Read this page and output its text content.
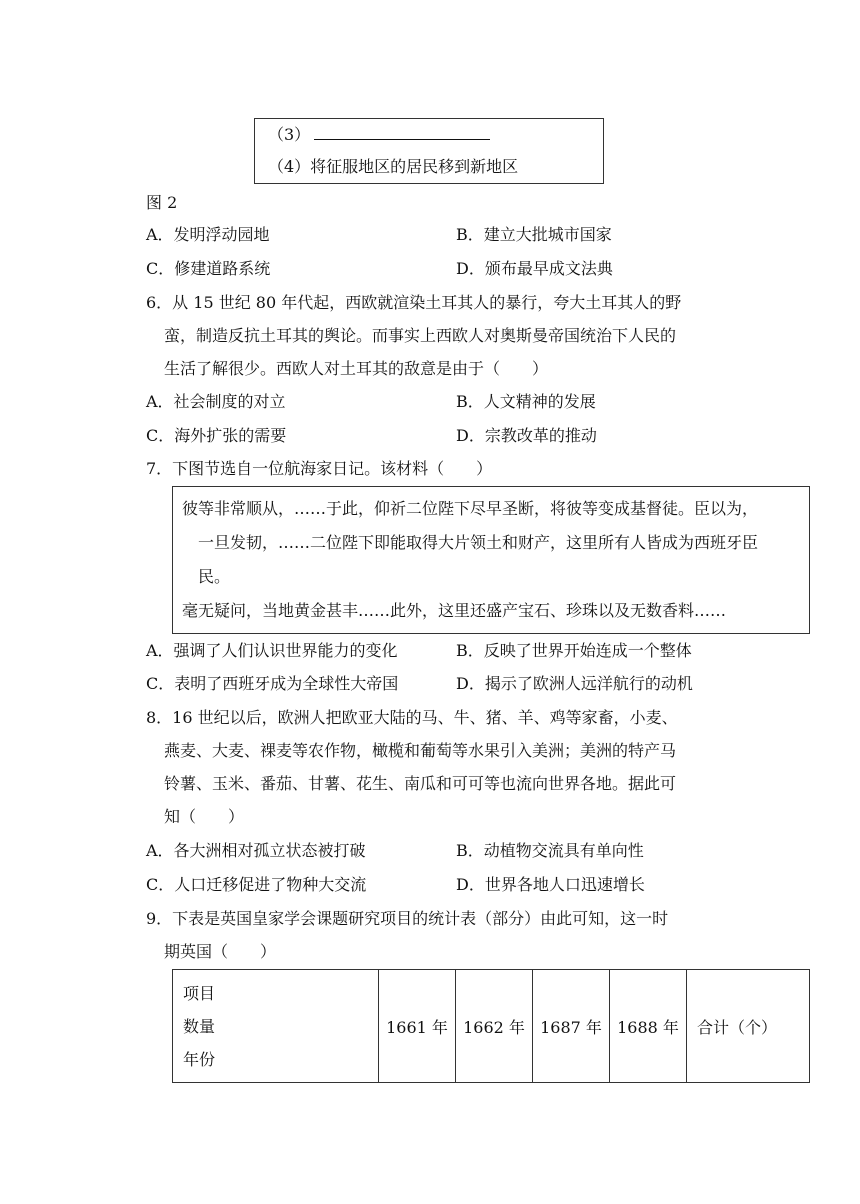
（3）
（4）将征服地区的居民移到新地区
图 2
A．发明浮动园地	B．建立大批城市国家
C．修建道路系统	D．颁布最早成文法典
6．从 15 世纪 80 年代起，西欧就渲染土耳其人的暴行，夸大土耳其人的野
蛮，制造反抗土耳其的舆论。而事实上西欧人对奥斯曼帝国统治下人民的
生活了解很少。西欧人对土耳其的敌意是由于（　　）
A．社会制度的对立	B．人文精神的发展
C．海外扩张的需要	D．宗教改革的推动
7．下图节选自一位航海家日记。该材料（　　）
彼等非常顺从，……于此，仰祈二位陛下尽早圣断，将彼等变成基督徒。臣以为，
一旦发韧，……二位陛下即能取得大片领土和财产，这里所有人皆成为西班牙臣
民。
毫无疑问，当地黄金甚丰……此外，这里还盛产宝石、珍珠以及无数香料……
A．强调了人们认识世界能力的变化	B．反映了世界开始连成一个整体
C．表明了西班牙成为全球性大帝国	D．揭示了欧洲人远洋航行的动机
8．16 世纪以后，欧洲人把欧亚大陆的马、牛、猪、羊、鸡等家畜，小麦、
燕麦、大麦、裸麦等农作物，橄榄和葡萄等水果引入美洲；美洲的特产马
铃薯、玉米、番茄、甘薯、花生、南瓜和可可等也流向世界各地。据此可
知（　　）
A．各大洲相对孤立状态被打破	B．动植物交流具有单向性
C．人口迁移促进了物种大交流	D．世界各地人口迅速增长
9．下表是英国皇家学会课题研究项目的统计表（部分）由此可知，这一时
期英国（　　）
项目
数量
年份
	1661 年	1662 年	1687 年	1688 年	合计（个）
